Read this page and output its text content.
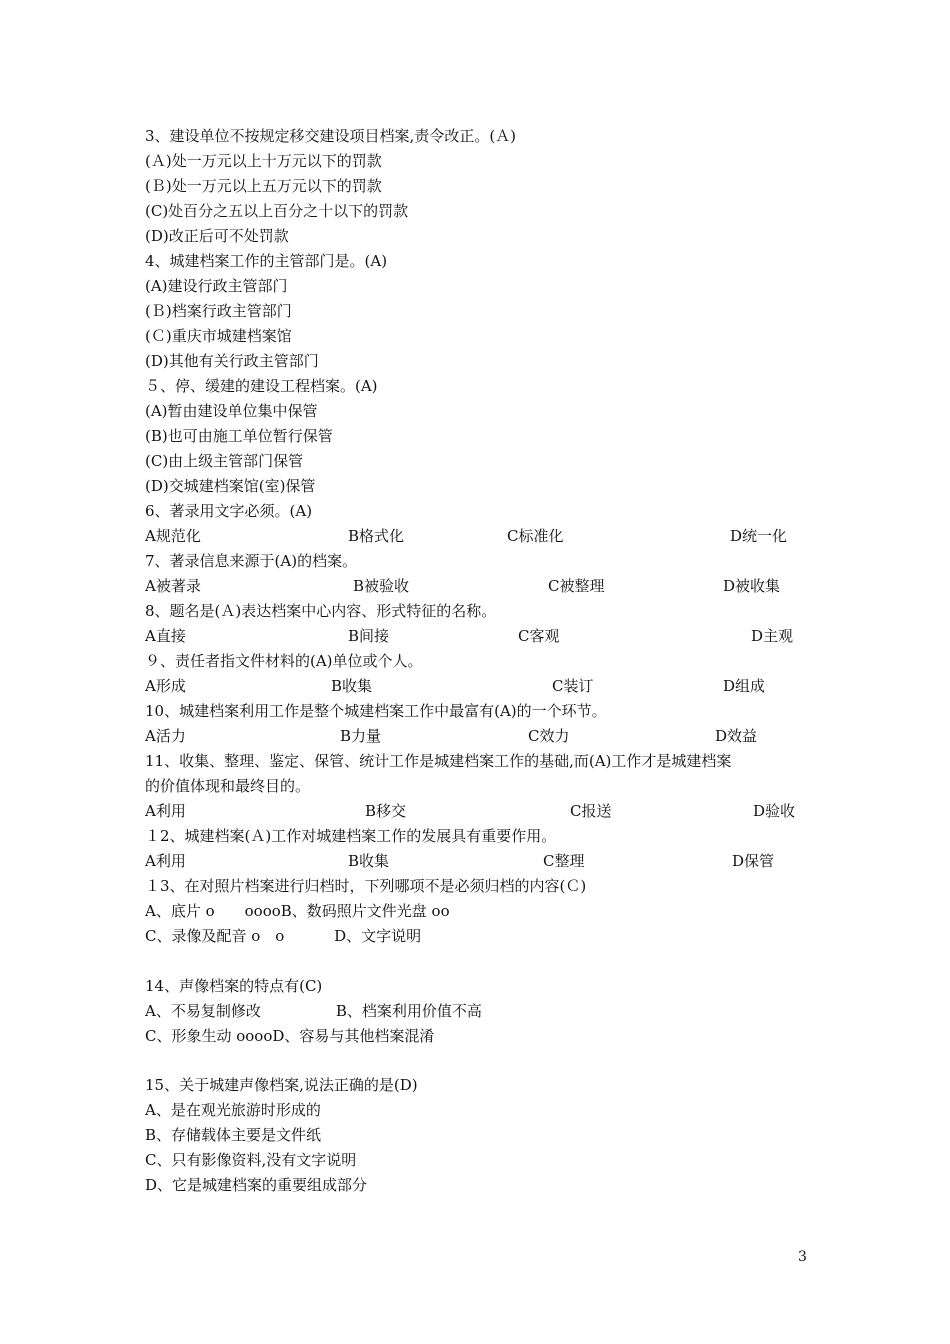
3、建设单位不按规定移交建设项目档案,责令改正。(Ａ)
(Ａ)处一万元以上十万元以下的罚款
(Ｂ)处一万元以上五万元以下的罚款
(C)处百分之五以上百分之十以下的罚款
(D)改正后可不处罚款
4、城建档案工作的主管部门是。(A)
(A)建设行政主管部门
(Ｂ)档案行政主管部门
(Ｃ)重庆市城建档案馆
(D)其他有关行政主管部门
５、停、缓建的建设工程档案。(A)
(A)暂由建设单位集中保管
(B)也可由施工单位暂行保管
(C)由上级主管部门保管
(D)交城建档案馆(室)保管
6、著录用文字必须。(A)
A规范化	B格式化	C标准化	D统一化
7、著录信息来源于(A)的档案。
A被著录	B被验收	C被整理	D被收集
8、题名是(Ａ)表达档案中心内容、形式特征的名称。
A直接	B间接	C客观	D主观
９、责任者指文件材料的(A)单位或个人。
A形成	B收集	C装订	D组成
10、城建档案利用工作是整个城建档案工作中最富有(A)的一个环节。
A活力	B力量	C效力	D效益
11、收集、整理、鉴定、保管、统计工作是城建档案工作的基础,而(A)工作才是城建档案
的价值体现和最终目的。
A利用	B移交	C报送	D验收
１2、城建档案(Ａ)工作对城建档案工作的发展具有重要作用。
A利用	B收集	C整理	D保管
１3、在对照片档案进行归档时，下列哪项不是必须归档的内容(Ｃ)
A、底片 o　　ooooB、数码照片文件光盘 oo
C、录像及配音 o　o　　　 D、文字说明
14、声像档案的特点有(C)
A、不易复制修改　　　　　B、档案利用价值不高
C、形象生动 ooooD、容易与其他档案混淆
15、关于城建声像档案,说法正确的是(D)
A、是在观光旅游时形成的
B、存储载体主要是文件纸
C、只有影像资料,没有文字说明
D、它是城建档案的重要组成部分
3
